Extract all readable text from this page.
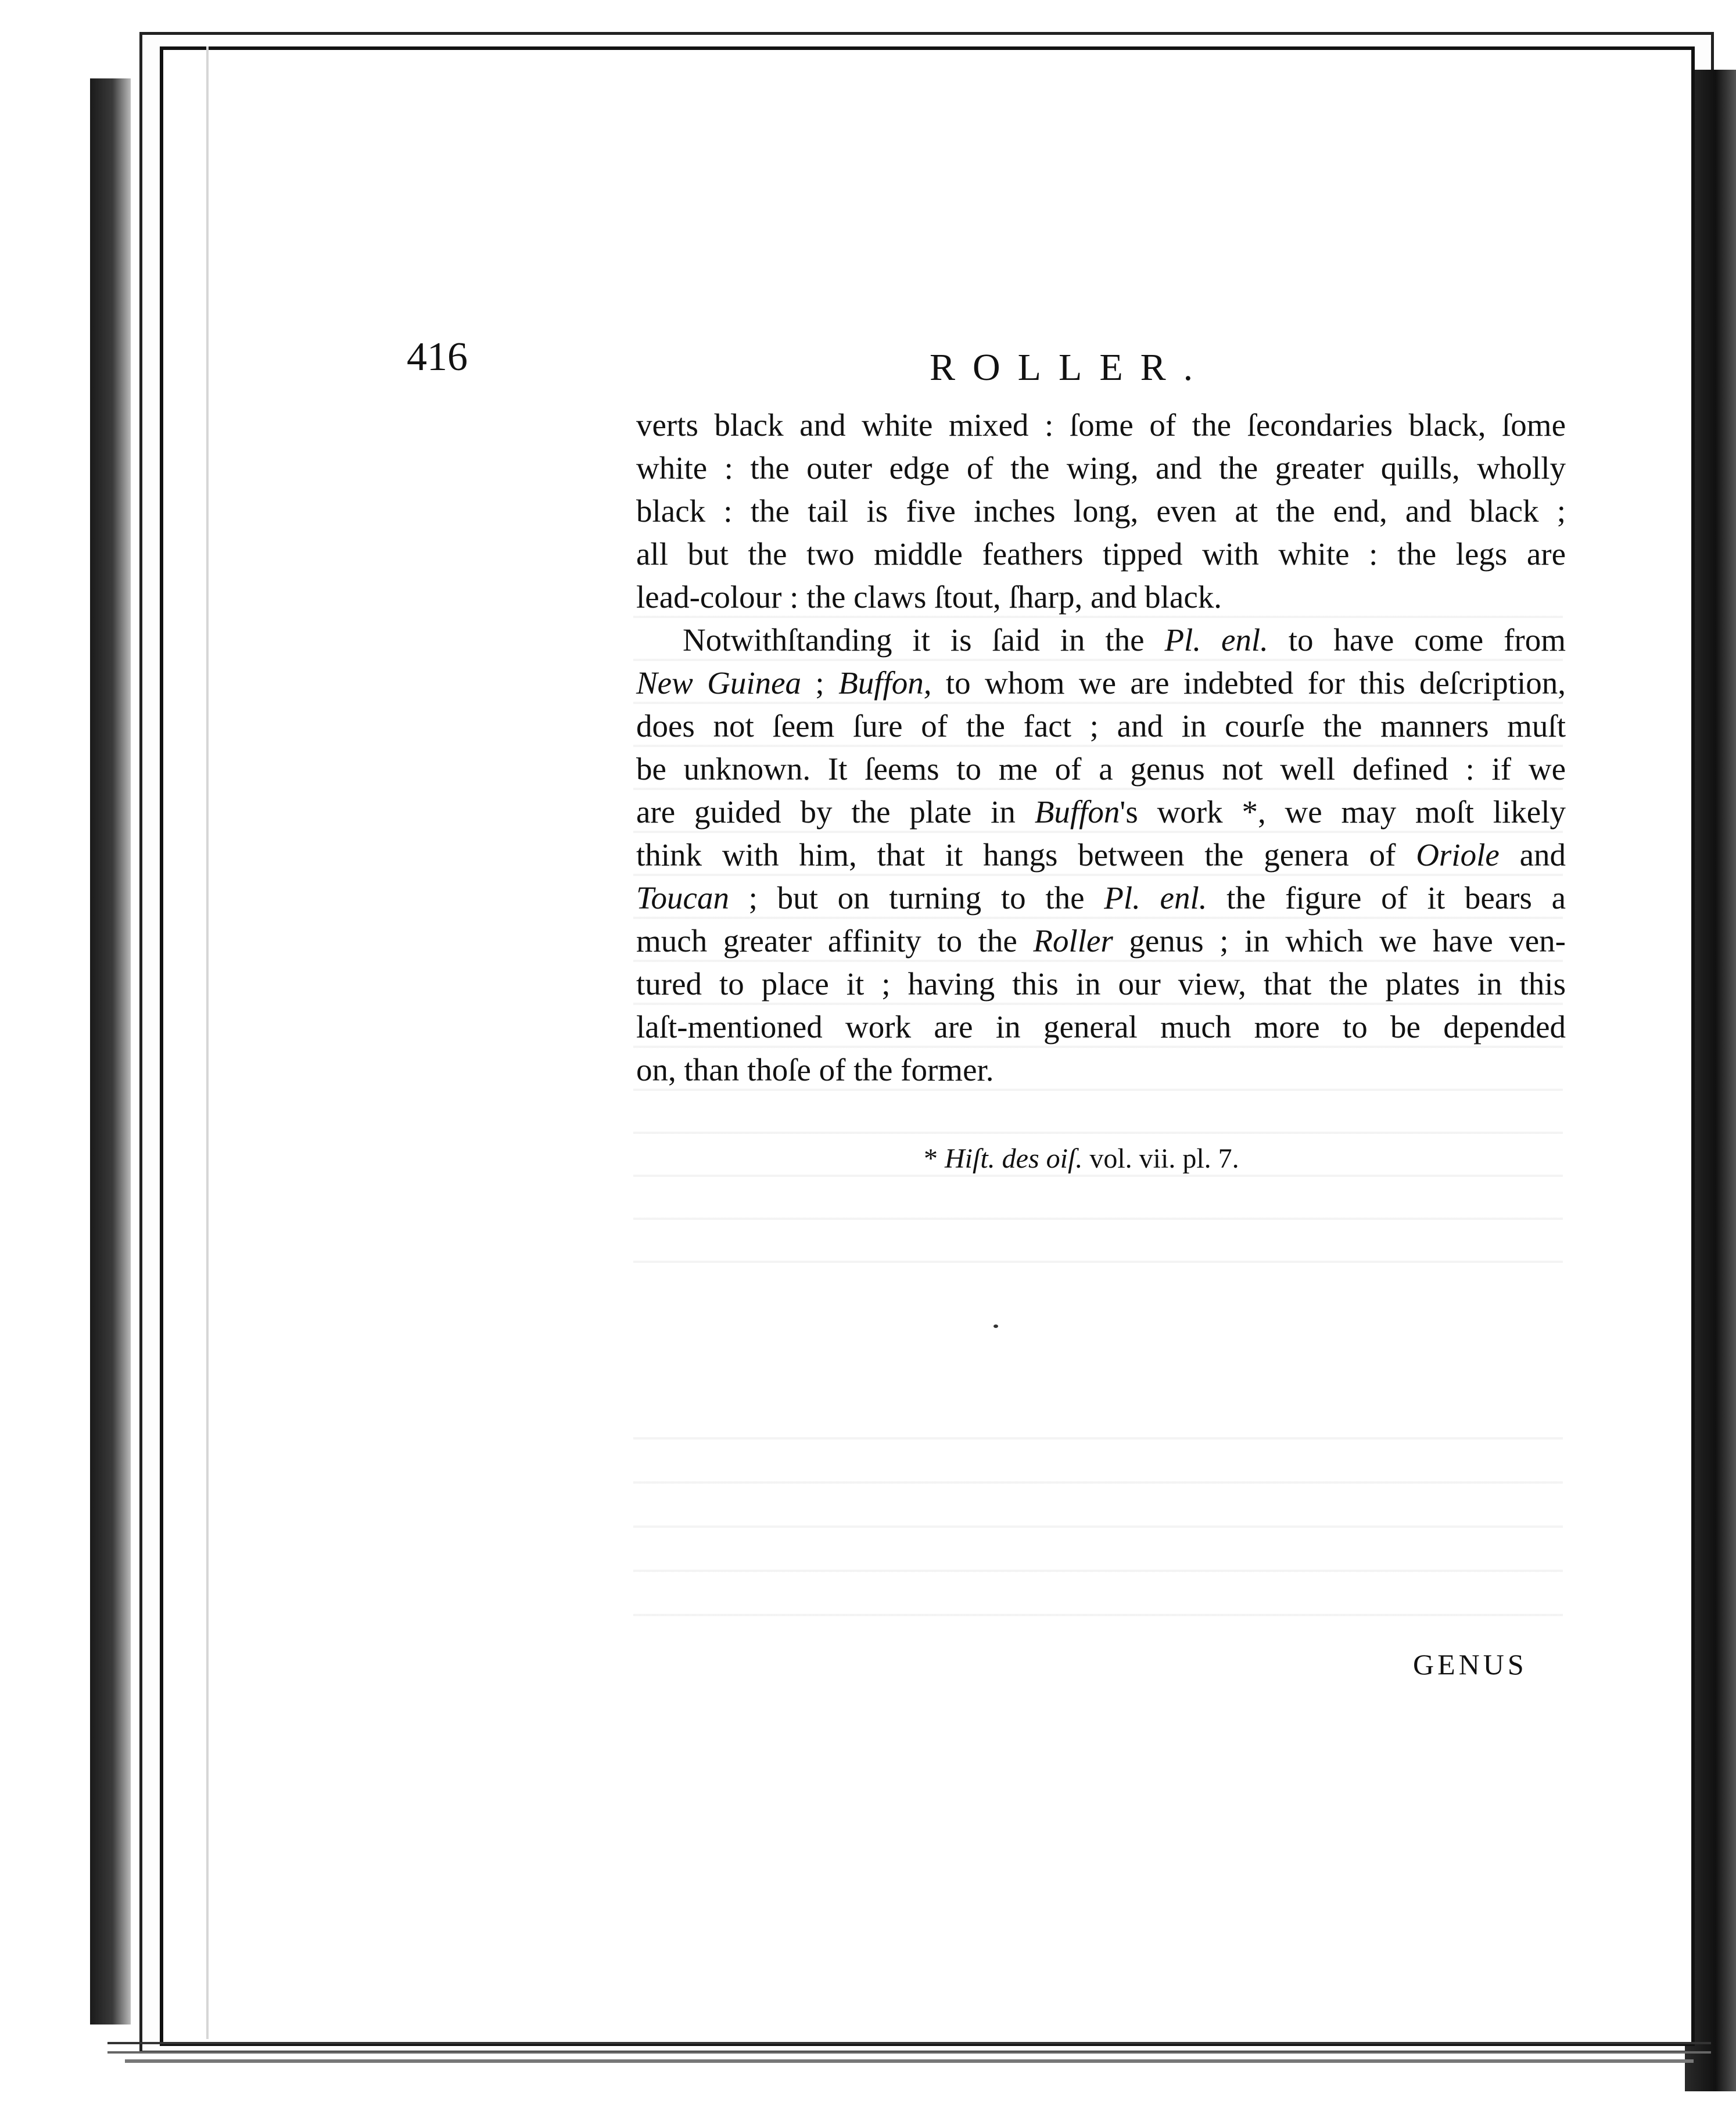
416	ROLLER.
verts black and white mixed : ſome of the ſecondaries black, ſome
white : the outer edge of the wing, and the greater quills, wholly
black : the tail is five inches long, even at the end, and black ;
all but the two middle feathers tipped with white : the legs are
lead-colour : the claws ſtout, ſharp, and black.
Notwithſtanding it is ſaid in the Pl. enl. to have come from
New Guinea ; Buffon, to whom we are indebted for this deſcription,
does not ſeem ſure of the fact ; and in courſe the manners muſt
be unknown. It ſeems to me of a genus not well defined : if we
are guided by the plate in Buffon's work *, we may moſt likely
think with him, that it hangs between the genera of Oriole and
Toucan ; but on turning to the Pl. enl. the figure of it bears a
much greater affinity to the Roller genus ; in which we have ven-
tured to place it ; having this in our view, that the plates in this
laſt-mentioned work are in general much more to be depended
on, than thoſe of the former.
* Hiſt. des oiſ. vol. vii. pl. 7.
GENUS
